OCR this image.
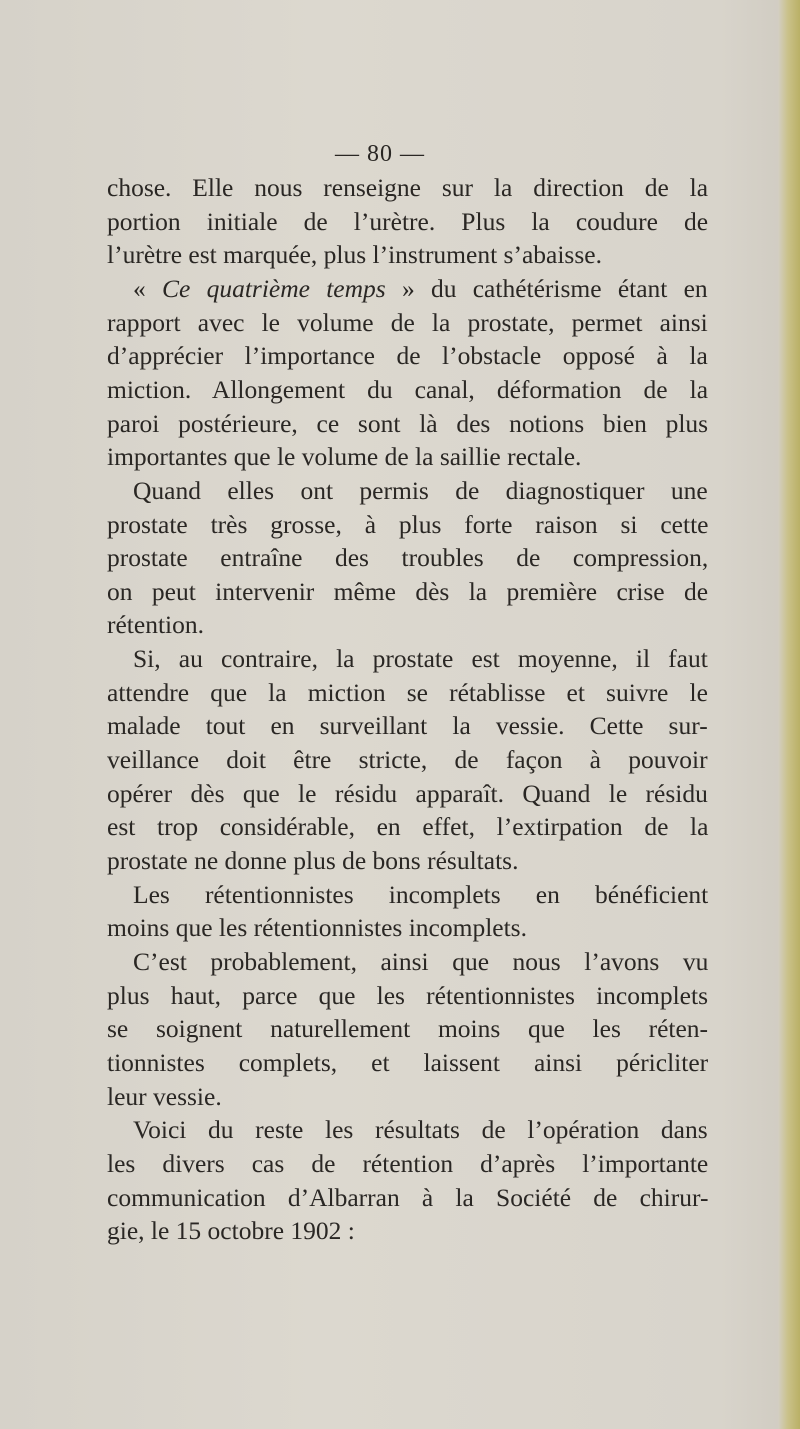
— 80 —
chose. Elle nous renseigne sur la direction de la
portion initiale de l’urètre. Plus la coudure de
l’urètre est marquée, plus l’instrument s’abaisse.
« Ce quatrième temps » du cathétérisme étant en
rapport avec le volume de la prostate, permet ainsi
d’apprécier l’importance de l’obstacle opposé à la
miction. Allongement du canal, déformation de la
paroi postérieure, ce sont là des notions bien plus
importantes que le volume de la saillie rectale.
Quand elles ont permis de diagnostiquer une
prostate très grosse, à plus forte raison si cette
prostate entraîne des troubles de compression,
on peut intervenir même dès la première crise de
rétention.
Si, au contraire, la prostate est moyenne, il faut
attendre que la miction se rétablisse et suivre le
malade tout en surveillant la vessie. Cette sur-
veillance doit être stricte, de façon à pouvoir
opérer dès que le résidu apparaît. Quand le résidu
est trop considérable, en effet, l’extirpation de la
prostate ne donne plus de bons résultats.
Les rétentionnistes incomplets en bénéficient
moins que les rétentionnistes incomplets.
C’est probablement, ainsi que nous l’avons vu
plus haut, parce que les rétentionnistes incomplets
se soignent naturellement moins que les réten-
tionnistes complets, et laissent ainsi péricliter
leur vessie.
Voici du reste les résultats de l’opération dans
les divers cas de rétention d’après l’importante
communication d’Albarran à la Société de chirur-
gie, le 15 octobre 1902 :
